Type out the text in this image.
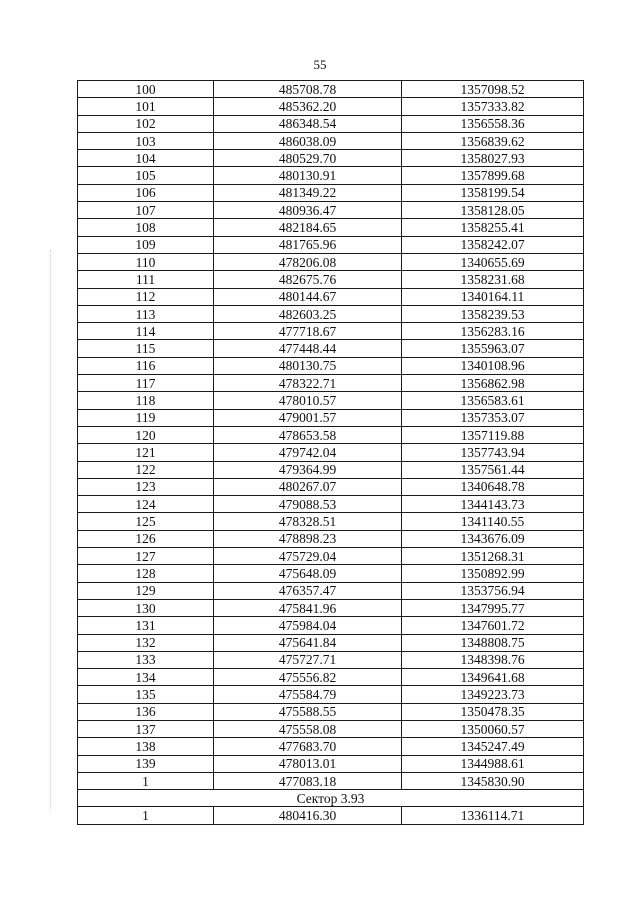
55
100	485708.78	1357098.52
101	485362.20	1357333.82
102	486348.54	1356558.36
103	486038.09	1356839.62
104	480529.70	1358027.93
105	480130.91	1357899.68
106	481349.22	1358199.54
107	480936.47	1358128.05
108	482184.65	1358255.41
109	481765.96	1358242.07
110	478206.08	1340655.69
111	482675.76	1358231.68
112	480144.67	1340164.11
113	482603.25	1358239.53
114	477718.67	1356283.16
115	477448.44	1355963.07
116	480130.75	1340108.96
117	478322.71	1356862.98
118	478010.57	1356583.61
119	479001.57	1357353.07
120	478653.58	1357119.88
121	479742.04	1357743.94
122	479364.99	1357561.44
123	480267.07	1340648.78
124	479088.53	1344143.73
125	478328.51	1341140.55
126	478898.23	1343676.09
127	475729.04	1351268.31
128	475648.09	1350892.99
129	476357.47	1353756.94
130	475841.96	1347995.77
131	475984.04	1347601.72
132	475641.84	1348808.75
133	475727.71	1348398.76
134	475556.82	1349641.68
135	475584.79	1349223.73
136	475588.55	1350478.35
137	475558.08	1350060.57
138	477683.70	1345247.49
139	478013.01	1344988.61
1	477083.18	1345830.90
Сектор 3.93		
1	480416.30	1336114.71
